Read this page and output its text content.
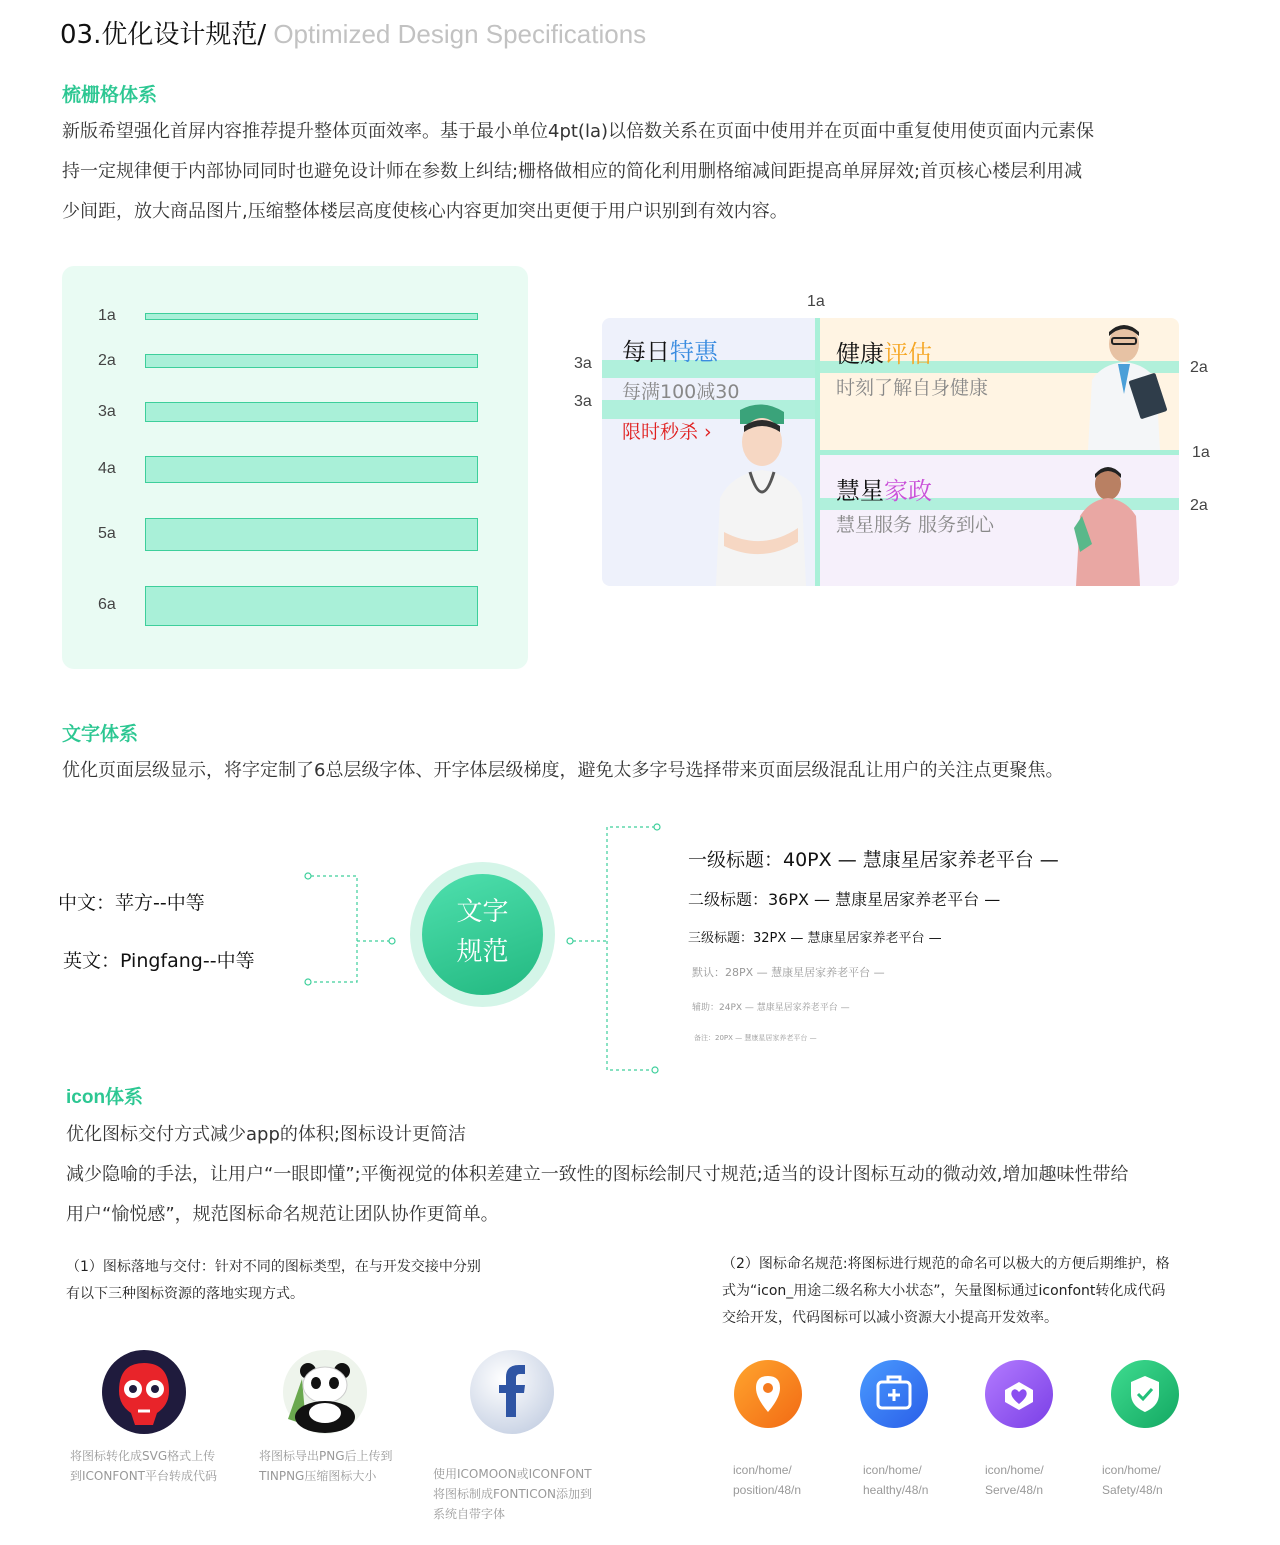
03.优化设计规范/ Optimized Design Specifications
梳栅格体系
新版希望强化首屏内容推荐提升整体页面效率。基于最小单位4pt(la)以倍数关系在页面中使用并在页面中重复使用使页面内元素保
持一定规律便于内部协同同时也避免设计师在参数上纠结;栅格做相应的简化利用删格缩减间距提高单屏屏效;首页核心楼层利用减
少间距，放大商品图片,压缩整体楼层高度使核心内容更加突出更便于用户识别到有效内容。
1a
2a
3a
4a
5a
6a
1a
3a
3a
2a
1a
2a
每日特惠
每满100减30
限时秒杀 ›
健康评估
时刻了解自身健康
慧星家政
慧星服务 服务到心
文字体系
优化页面层级显示，将字定制了6总层级字体、开字体层级梯度，避免太多字号选择带来页面层级混乱让用户的关注点更聚焦。
中文：苹方--中等
英文：Pingfang--中等
文字
规范
一级标题：40PX — 慧康星居家养老平台 —
二级标题：36PX — 慧康星居家养老平台 —
三级标题：32PX — 慧康星居家养老平台 —
默认：28PX — 慧康星居家养老平台 —
辅助：24PX — 慧康星居家养老平台 —
备注：20PX — 慧康星居家养老平台 —
icon体系
优化图标交付方式减少app的体积;图标设计更简洁
减少隐喻的手法，让用户“一眼即懂”;平衡视觉的体积差建立一致性的图标绘制尺寸规范;适当的设计图标互动的微动效,增加趣味性带给
用户“愉悦感”，规范图标命名规范让团队协作更简单。
（1）图标落地与交付：针对不同的图标类型，在与开发交接中分别
有以下三种图标资源的落地实现方式。
（2）图标命名规范:将图标进行规范的命名可以极大的方便后期维护，格
式为“icon_用途二级名称大小状态”，矢量图标通过iconfont转化成代码
交给开发，代码图标可以减小资源大小提高开发效率。
将图标转化成SVG格式上传
到ICONFONT平台转成代码
将图标导出PNG后上传到
TINPNG压缩图标大小	使用ICOMOON或ICONFONT
将图标制成FONTICON添加到
系统自带字体
icon/home/
position/48/n
icon/home/
healthy/48/n
icon/home/
Serve/48/n
icon/home/
Safety/48/n
